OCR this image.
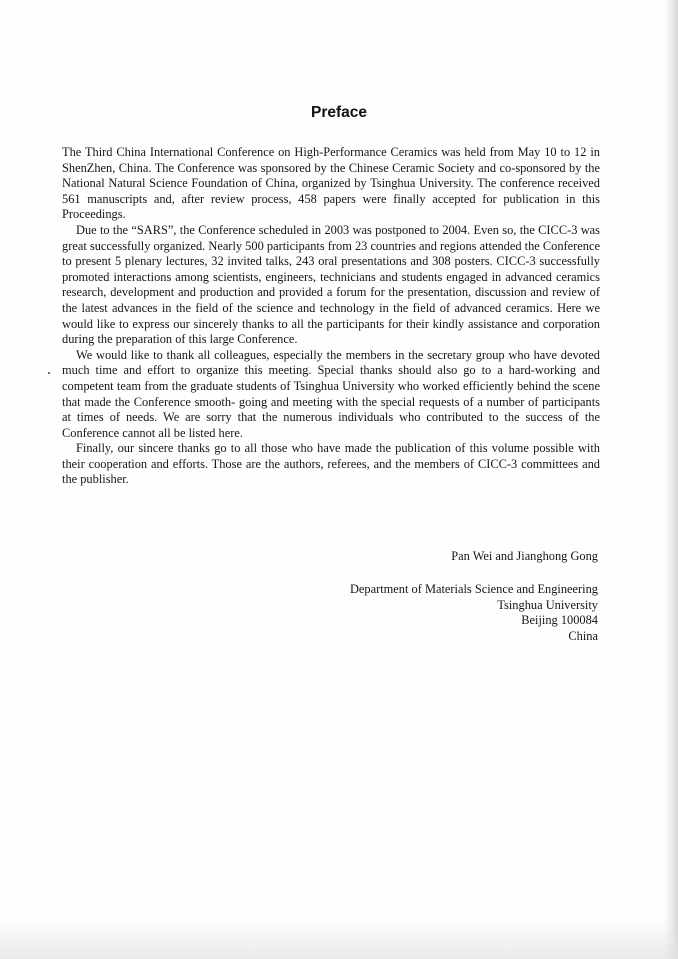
Preface

The Third China International Conference on High-Performance Ceramics was held from May 10 to 12 in ShenZhen, China. The Conference was sponsored by the Chinese Ceramic Society and co-sponsored by the National Natural Science Foundation of China, organized by Tsinghua University. The conference received 561 manuscripts and, after review process, 458 papers were finally accepted for publication in this Proceedings.

Due to the “SARS”, the Conference scheduled in 2003 was postponed to 2004. Even so, the CICC-3 was great successfully organized. Nearly 500 participants from 23 countries and regions attended the Conference to present 5 plenary lectures, 32 invited talks, 243 oral presentations and 308 posters. CICC-3 successfully promoted interactions among scientists, engineers, technicians and students engaged in advanced ceramics research, development and production and provided a forum for the presentation, discussion and review of the latest advances in the field of the science and technology in the field of advanced ceramics. Here we would like to express our sincerely thanks to all the participants for their kindly assistance and corporation during the preparation of this large Conference.

We would like to thank all colleagues, especially the members in the secretary group who have devoted much time and effort to organize this meeting. Special thanks should also go to a hard-working and competent team from the graduate students of Tsinghua University who worked efficiently behind the scene that made the Conference smooth- going and meeting with the special requests of a number of participants at times of needs. We are sorry that the numerous individuals who contributed to the success of the Conference cannot all be listed here.

Finally, our sincere thanks go to all those who have made the publication of this volume possible with their cooperation and efforts. Those are the authors, referees, and the members of CICC-3 committees and the publisher.

Pan Wei and Jianghong Gong
Department of Materials Science and Engineering
Tsinghua University
Beijing 100084
China
